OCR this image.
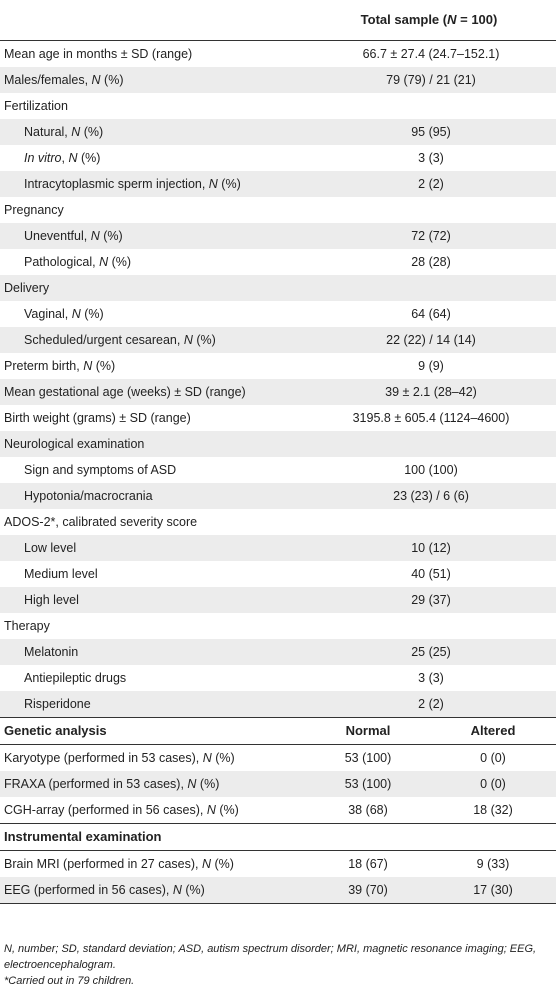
	Total sample (N = 100)	
Mean age in months ± SD (range)	66.7 ± 27.4 (24.7–152.1)	
Males/females, N (%)	79 (79) / 21 (21)	
Fertilization		
Natural, N (%)	95 (95)	
In vitro, N (%)	3 (3)	
Intracytoplasmic sperm injection, N (%)	2 (2)	
Pregnancy		
Uneventful, N (%)	72 (72)	
Pathological, N (%)	28 (28)	
Delivery		
Vaginal, N (%)	64 (64)	
Scheduled/urgent cesarean, N (%)	22 (22) / 14 (14)	
Preterm birth, N (%)	9 (9)	
Mean gestational age (weeks) ± SD (range)	39 ± 2.1 (28–42)	
Birth weight (grams) ± SD (range)	3195.8 ± 605.4 (1124–4600)	
Neurological examination		
Sign and symptoms of ASD	100 (100)	
Hypotonia/macrocrania	23 (23) / 6 (6)	
ADOS-2*, calibrated severity score		
Low level	10 (12)	
Medium level	40 (51)	
High level	29 (37)	
Therapy		
Melatonin	25 (25)	
Antiepileptic drugs	3 (3)	
Risperidone	2 (2)	
Genetic analysis	Normal	Altered
Karyotype (performed in 53 cases), N (%)	53 (100)	0 (0)
FRAXA (performed in 53 cases), N (%)	53 (100)	0 (0)
CGH-array (performed in 56 cases), N (%)	38 (68)	18 (32)
Instrumental examination		
Brain MRI (performed in 27 cases), N (%)	18 (67)	9 (33)
EEG (performed in 56 cases), N (%)	39 (70)	17 (30)
N, number; SD, standard deviation; ASD, autism spectrum disorder; MRI, magnetic resonance imaging; EEG, electroencephalogram.
*Carried out in 79 children.
